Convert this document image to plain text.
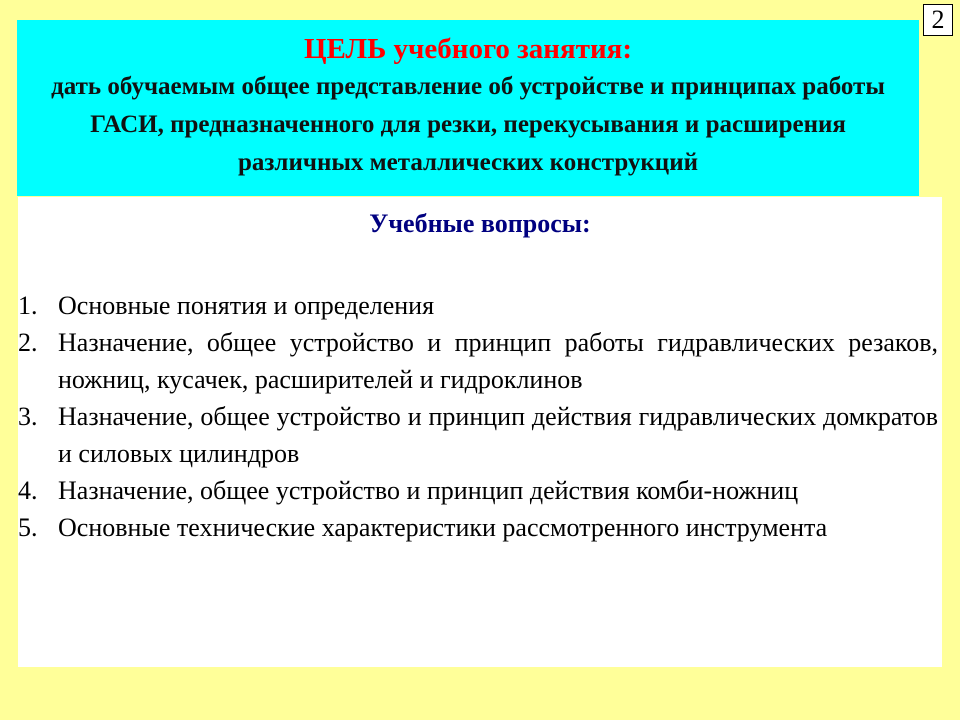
2
ЦЕЛЬ учебного занятия:
дать обучаемым общее представление об устройстве и принципах работы ГАСИ, предназначенного для резки, перекусывания и расширения различных металлических конструкций
Учебные вопросы:
1. Основные понятия и определения
2. Назначение, общее устройство и принцип работы гидравлических резаков, ножниц, кусачек, расширителей и гидроклинов
3. Назначение, общее устройство и принцип действия гидравлических домкратов и силовых цилиндров
4. Назначение, общее устройство и принцип действия комби-ножниц
5. Основные технические характеристики рассмотренного инструмента
